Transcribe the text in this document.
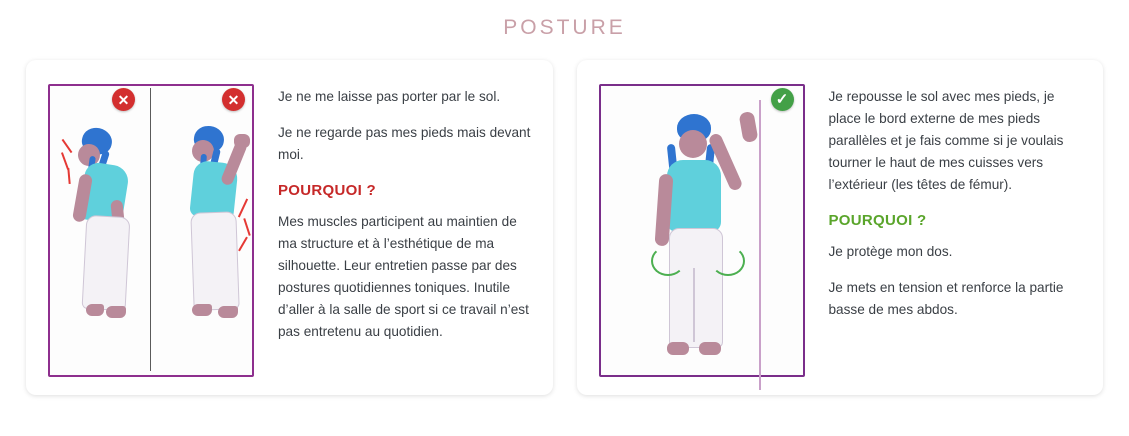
POSTURE
✕	✕	Je ne me laisse pas porter par le sol.

Je ne regarde pas mes pieds mais devant moi.

POURQUOI ?

Mes muscles participent au maintien de ma structure et à l’esthétique de ma silhouette. Leur entretien passe par des postures quotidiennes toniques. Inutile d’aller à la salle de sport si ce travail n’est pas entretenu au quotidien.

✓	Je repousse le sol avec mes pieds, je place le bord externe de mes pieds parallèles et je fais comme si je voulais tourner le haut de mes cuisses vers l’extérieur (les têtes de fémur).

POURQUOI ?

Je protège mon dos.

Je mets en tension et renforce la partie basse de mes abdos.
